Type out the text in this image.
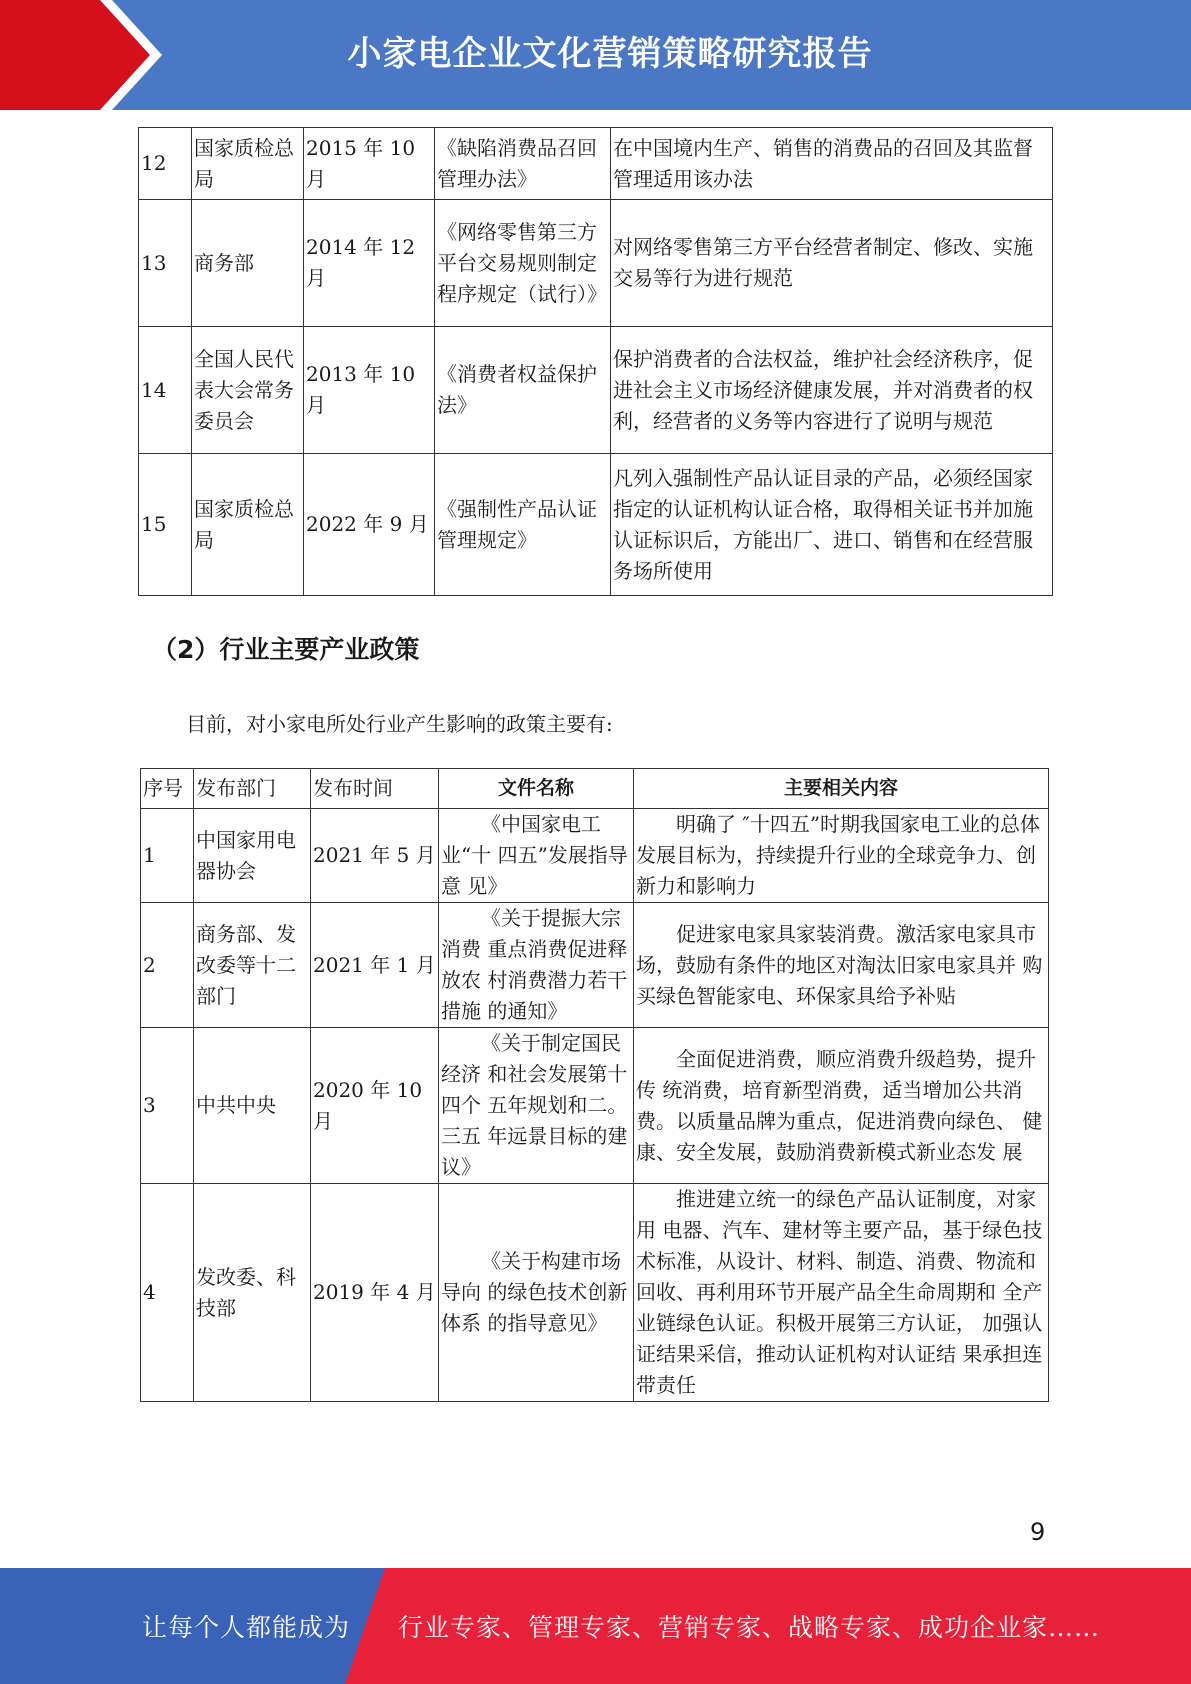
小家电企业文化营销策略研究报告
12	国家质检总局	2015 年 10 月	《缺陷消费品召回管理办法》	在中国境内生产、销售的消费品的召回及其监督管理适用该办法
13	商务部	2014 年 12 月	《网络零售第三方平台交易规则制定程序规定（试行）》	对网络零售第三方平台经营者制定、修改、实施交易等行为进行规范
14	全国人民代表大会常务委员会	2013 年 10 月	《消费者权益保护法》	保护消费者的合法权益，维护社会经济秩序，促进社会主义市场经济健康发展，并对消费者的权利，经营者的义务等内容进行了说明与规范
15	国家质检总局	2022 年 9 月	《强制性产品认证管理规定》	凡列入强制性产品认证目录的产品，必须经国家指定的认证机构认证合格，取得相关证书并加施认证标识后，方能出厂、进口、销售和在经营服务场所使用
（2）行业主要产业政策
目前，对小家电所处行业产生影响的政策主要有:
序号	发布部门	发布时间	文件名称	主要相关内容
1	中国家用电器协会	2021 年 5 月	《中国家电工业“十 四五”发展指导意 见》	明确了 ″十四五”时期我国家电工业的总体 发展目标为，持续提升行业的全球竞争力、创新力和影响力
2	商务部、发改委等十二部门	2021 年 1 月	《关于提振大宗消费 重点消费促进释放农 村消费潜力若干措施 的通知》	促进家电家具家装消费。激活家电家具市场，鼓励有条件的地区对淘汰旧家电家具并 购买绿色智能家电、环保家具给予补贴
3	中共中央	2020 年 10 月	《关于制定国民经济 和社会发展第十四个 五年规划和二。三五 年远景目标的建议》	全面促进消费，顺应消费升级趋势，提升传 统消费，培育新型消费，适当增加公共消费。以质量品牌为重点，促进消费向绿色、 健康、安全发展，鼓励消费新模式新业态发 展
4	发改委、科技部	2019 年 4 月	《关于构建市场导向 的绿色技术创新体系 的指导意见》	推进建立统一的绿色产品认证制度，对家用 电器、汽车、建材等主要产品，基于绿色技术标准，从设计、材料、制造、消费、物流和回收、再利用环节开展产品全生命周期和 全产业链绿色认证。积极开展第三方认证， 加强认证结果采信，推动认证机构对认证结 果承担连带责任
9
让每个人都能成为 行业专家、管理专家、营销专家、战略专家、成功企业家……
